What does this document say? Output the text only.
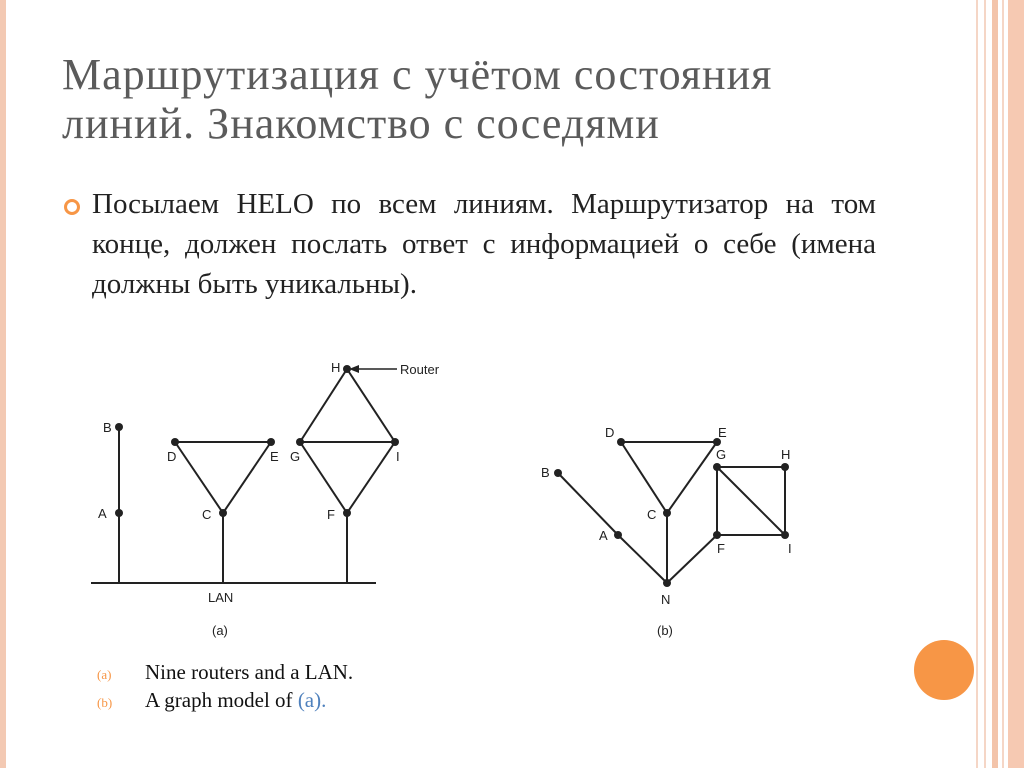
Маршрутизация с учётом состояния
линий. Знакомство с соседями

Посылаем HELO по всем линиям. Маршрутизатор на том конце, должен послать ответ с информацией о себе (имена должны быть уникальны).

B
A
D	E
C
H
G	I
F
Router
LAN
(a)
B
A
D	E
C
G	H
F	I
N
(b)
(a) Nine routers and a LAN.
(b) A graph model of (a).
